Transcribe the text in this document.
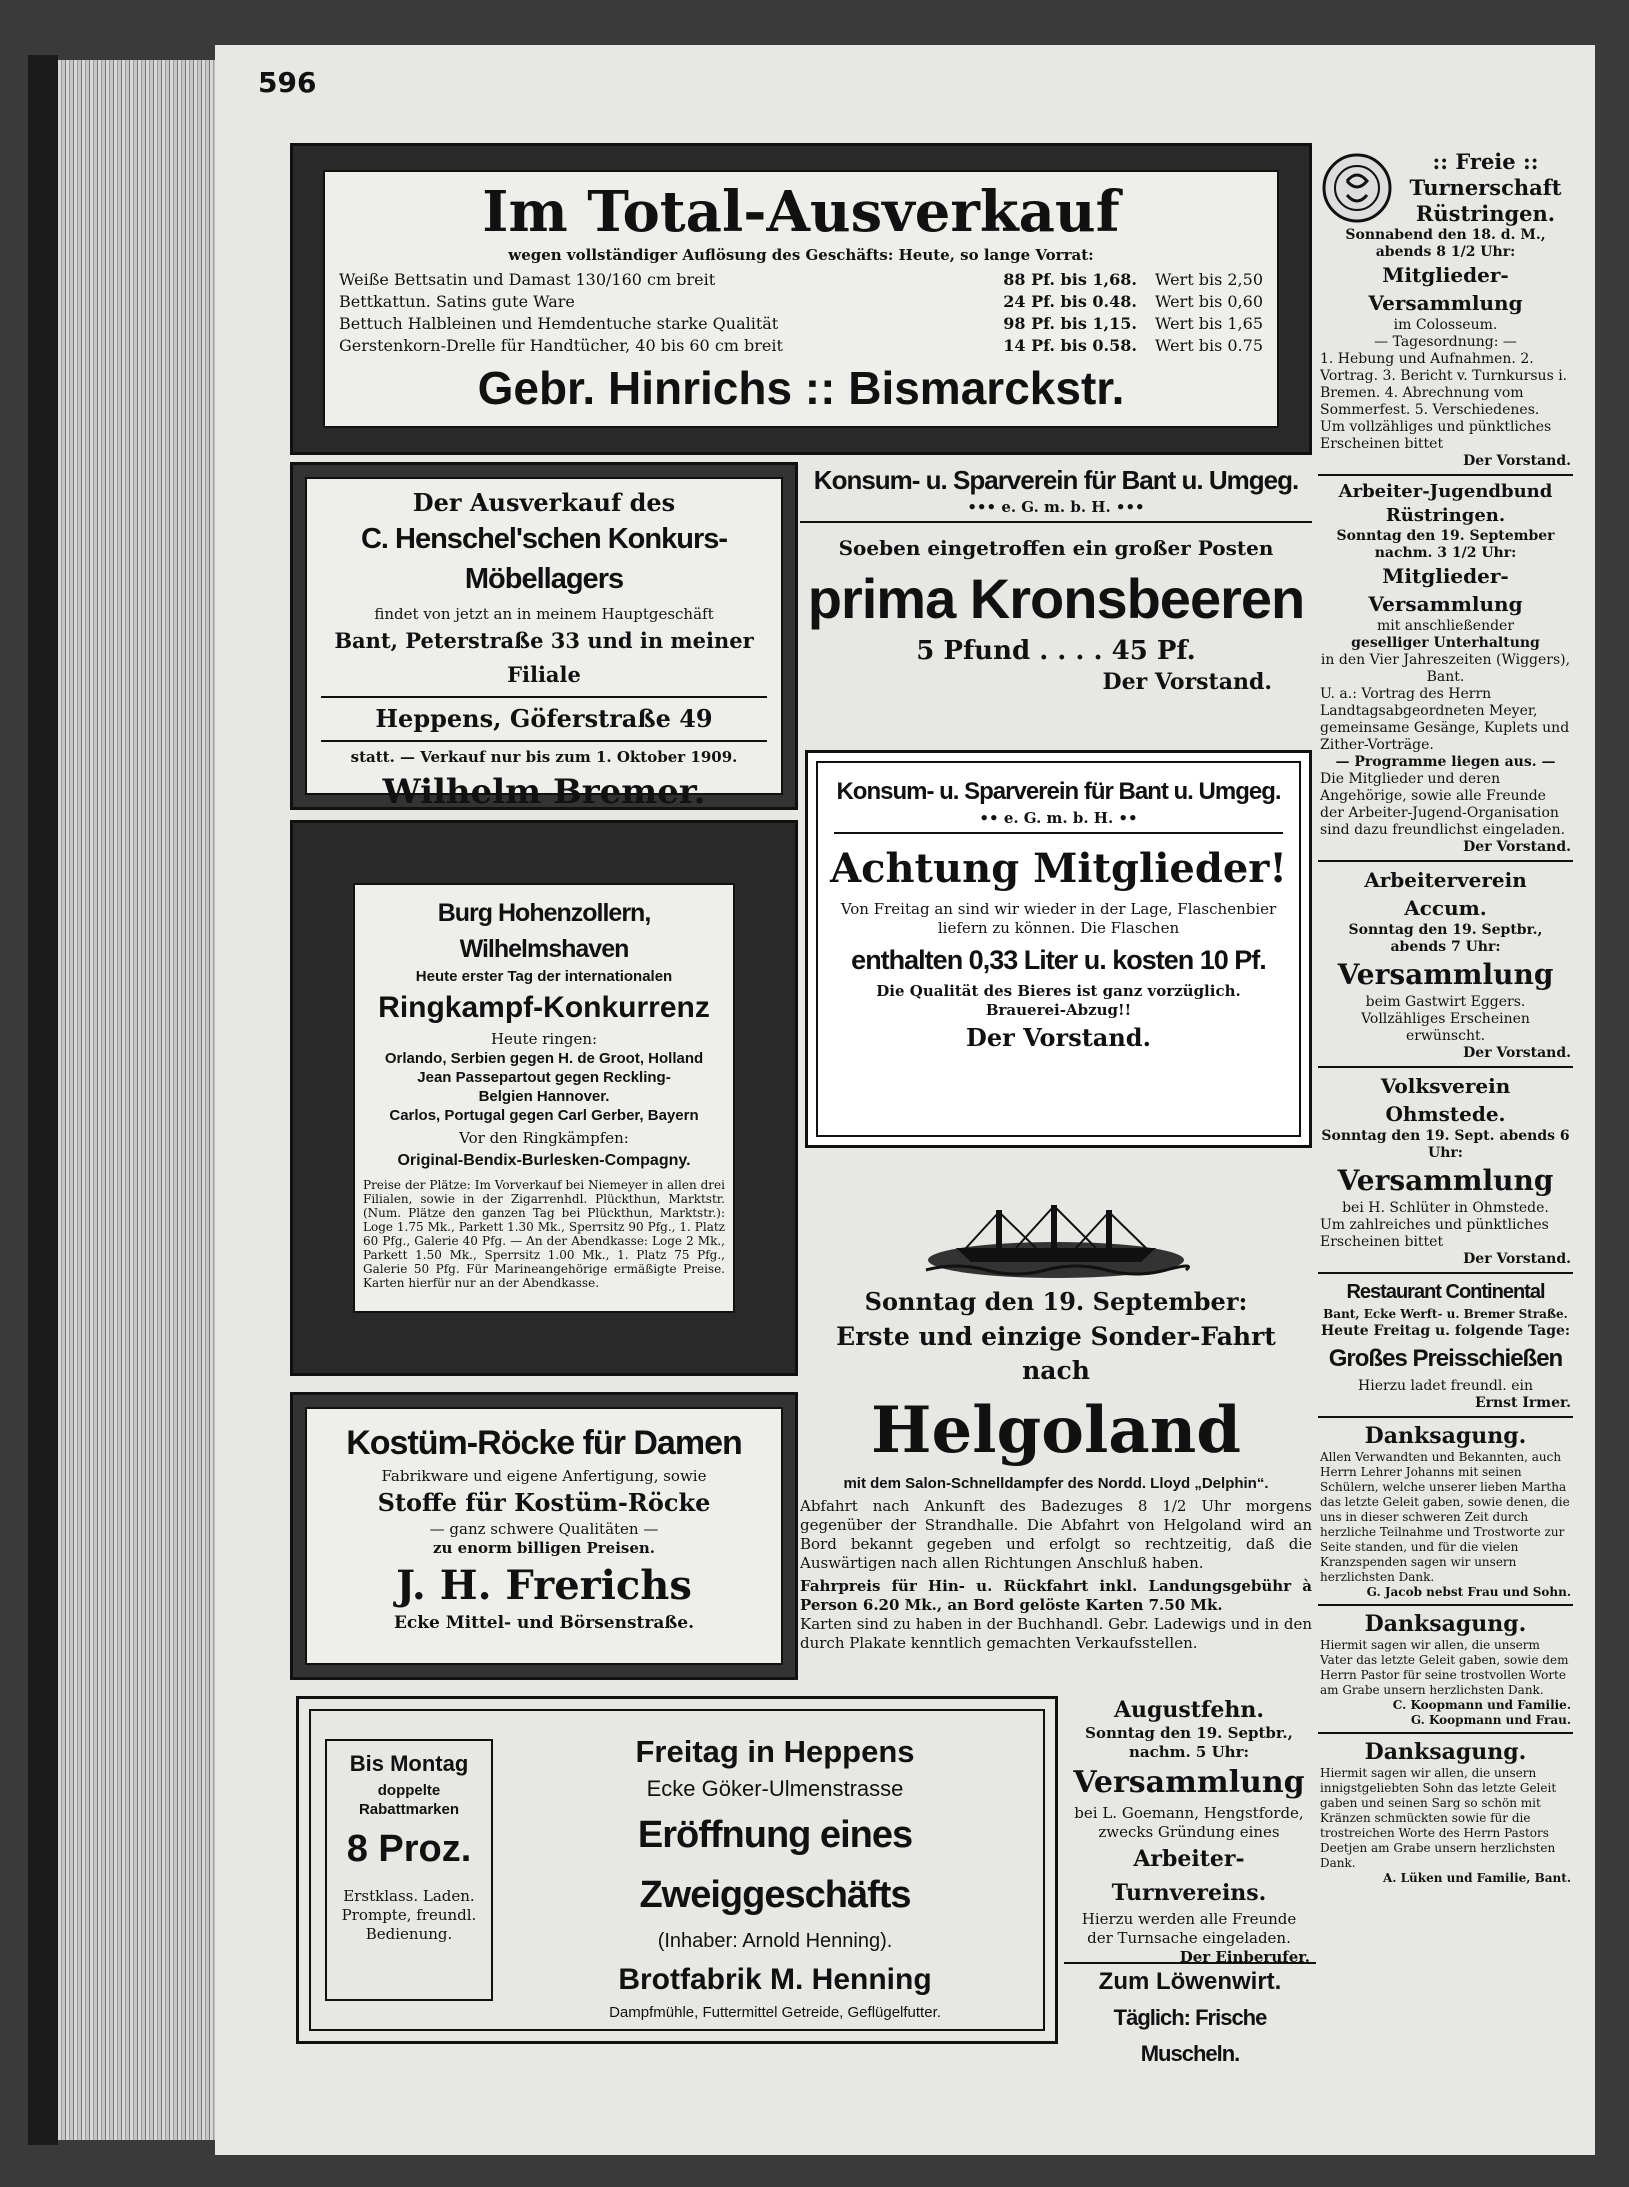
596
Im Total-Ausverkauf
wegen vollständiger Auflösung des Geschäfts: Heute, so lange Vorrat:
Weiße Bettsatin und Damast 130/160 cm breit	88 Pf. bis 1,68. Wert bis 2,50
Bettkattun. Satins gute Ware	24 Pf. bis 0.48. Wert bis 0,60
Bettuch Halbleinen und Hemdentuche starke Qualität	98 Pf. bis 1,15. Wert bis 1,65
Gerstenkorn-Drelle für Handtücher, 40 bis 60 cm breit	14 Pf. bis 0.58. Wert bis 0.75
Gebr. Hinrichs :: Bismarckstr.
Der Ausverkauf des
C. Henschel'schen Konkurs-Möbellagers
findet von jetzt an in meinem Hauptgeschäft
Bant, Peterstraße 33 und in meiner Filiale
Heppens, Göferstraße 49
statt. — Verkauf nur bis zum 1. Oktober 1909.
Wilhelm Bremer.
Konsum- u. Sparverein für Bant u. Umgeg.
••• e. G. m. b. H. •••
Soeben eingetroffen ein großer Posten
prima Kronsbeeren
5 Pfund . . . . 45 Pf.
Der Vorstand.
Burg Hohenzollern, Wilhelmshaven
Heute erster Tag der internationalen
Ringkampf-Konkurrenz
Heute ringen:
Orlando, Serbien gegen H. de Groot, Holland
Jean Passepartout gegen Reckling-
Belgien Hannover.
Carlos, Portugal gegen Carl Gerber, Bayern
Vor den Ringkämpfen:
Original-Bendix-Burlesken-Compagny.
Preise der Plätze: Im Vorverkauf bei Niemeyer in allen drei Filialen, sowie in der Zigarrenhdl. Plückthun, Marktstr. (Num. Plätze den ganzen Tag bei Plückthun, Marktstr.): Loge 1.75 Mk., Parkett 1.30 Mk., Sperrsitz 90 Pfg., 1. Platz 60 Pfg., Galerie 40 Pfg. — An der Abendkasse: Loge 2 Mk., Parkett 1.50 Mk., Sperrsitz 1.00 Mk., 1. Platz 75 Pfg., Galerie 50 Pfg. Für Marineangehörige ermäßigte Preise. Karten hierfür nur an der Abendkasse.
Konsum- u. Sparverein für Bant u. Umgeg.
•• e. G. m. b. H. ••
Achtung Mitglieder!
Von Freitag an sind wir wieder in der Lage, Flaschenbier liefern zu können. Die Flaschen
enthalten 0,33 Liter u. kosten 10 Pf.
Die Qualität des Bieres ist ganz vorzüglich.
Brauerei-Abzug!!
Der Vorstand.
Sonntag den 19. September:
Erste und einzige Sonder-Fahrt nach
Helgoland
mit dem Salon-Schnelldampfer des Nordd. Lloyd „Delphin“.
Abfahrt nach Ankunft des Badezuges 8 1/2 Uhr morgens gegenüber der Strandhalle. Die Abfahrt von Helgoland wird an Bord bekannt gegeben und erfolgt so rechtzeitig, daß die Auswärtigen nach allen Richtungen Anschluß haben.
Fahrpreis für Hin- u. Rückfahrt inkl. Landungsgebühr à Person 6.20 Mk., an Bord gelöste Karten 7.50 Mk.
Karten sind zu haben in der Buchhandl. Gebr. Ladewigs und in den durch Plakate kenntlich gemachten Verkaufsstellen.
Kostüm-Röcke für Damen
Fabrikware und eigene Anfertigung, sowie
Stoffe für Kostüm-Röcke
— ganz schwere Qualitäten —
zu enorm billigen Preisen.
J. H. Frerichs
Ecke Mittel- und Börsenstraße.
Bis Montag
doppelte Rabattmarken
8 Proz.
Erstklass. Laden. Prompte, freundl. Bedienung.
Freitag in Heppens
Ecke Göker-Ulmenstrasse
Eröffnung eines Zweiggeschäfts
(Inhaber: Arnold Henning).
Brotfabrik M. Henning
Dampfmühle, Futtermittel Getreide, Geflügelfutter.
Augustfehn.
Sonntag den 19. Septbr., nachm. 5 Uhr:
Versammlung
bei L. Goemann, Hengstforde, zwecks Gründung eines
Arbeiter-Turnvereins.
Hierzu werden alle Freunde der Turnsache eingeladen.
Der Einberufer.
Zum Löwenwirt.
Täglich: Frische Muscheln.
:: Freie :: Turnerschaft Rüstringen.
Sonnabend den 18. d. M., abends 8 1/2 Uhr:
Mitglieder-Versammlung
im Colosseum.
— Tagesordnung: —
1. Hebung und Aufnahmen. 2. Vortrag. 3. Bericht v. Turnkursus i. Bremen. 4. Abrechnung vom Sommerfest. 5. Verschiedenes.
Um vollzähliges und pünktliches Erscheinen bittet
Der Vorstand.
Arbeiter-Jugendbund Rüstringen.
Sonntag den 19. September nachm. 3 1/2 Uhr:
Mitglieder-Versammlung
mit anschließender
geselliger Unterhaltung
in den Vier Jahreszeiten (Wiggers), Bant.
U. a.: Vortrag des Herrn Landtagsabgeordneten Meyer, gemeinsame Gesänge, Kuplets und Zither-Vorträge.
— Programme liegen aus. —
Die Mitglieder und deren Angehörige, sowie alle Freunde der Arbeiter-Jugend-Organisation sind dazu freundlichst eingeladen.
Der Vorstand.
Arbeiterverein Accum.
Sonntag den 19. Septbr., abends 7 Uhr:
Versammlung
beim Gastwirt Eggers.
Vollzähliges Erscheinen erwünscht.
Der Vorstand.
Volksverein Ohmstede.
Sonntag den 19. Sept. abends 6 Uhr:
Versammlung
bei H. Schlüter in Ohmstede.
Um zahlreiches und pünktliches Erscheinen bittet
Der Vorstand.
Restaurant Continental
Bant, Ecke Werft- u. Bremer Straße.
Heute Freitag u. folgende Tage:
Großes Preisschießen
Hierzu ladet freundl. ein
Ernst Irmer.
Danksagung.
Allen Verwandten und Bekannten, auch Herrn Lehrer Johanns mit seinen Schülern, welche unserer lieben Martha das letzte Geleit gaben, sowie denen, die uns in dieser schweren Zeit durch herzliche Teilnahme und Trostworte zur Seite standen, und für die vielen Kranzspenden sagen wir unsern herzlichsten Dank.
G. Jacob nebst Frau und Sohn.
Danksagung.
Hiermit sagen wir allen, die unserm Vater das letzte Geleit gaben, sowie dem Herrn Pastor für seine trostvollen Worte am Grabe unsern herzlichsten Dank.
C. Koopmann und Familie.
G. Koopmann und Frau.
Danksagung.
Hiermit sagen wir allen, die unsern innigstgeliebten Sohn das letzte Geleit gaben und seinen Sarg so schön mit Kränzen schmückten sowie für die trostreichen Worte des Herrn Pastors Deetjen am Grabe unsern herzlichsten Dank.
A. Lüken und Familie, Bant.
